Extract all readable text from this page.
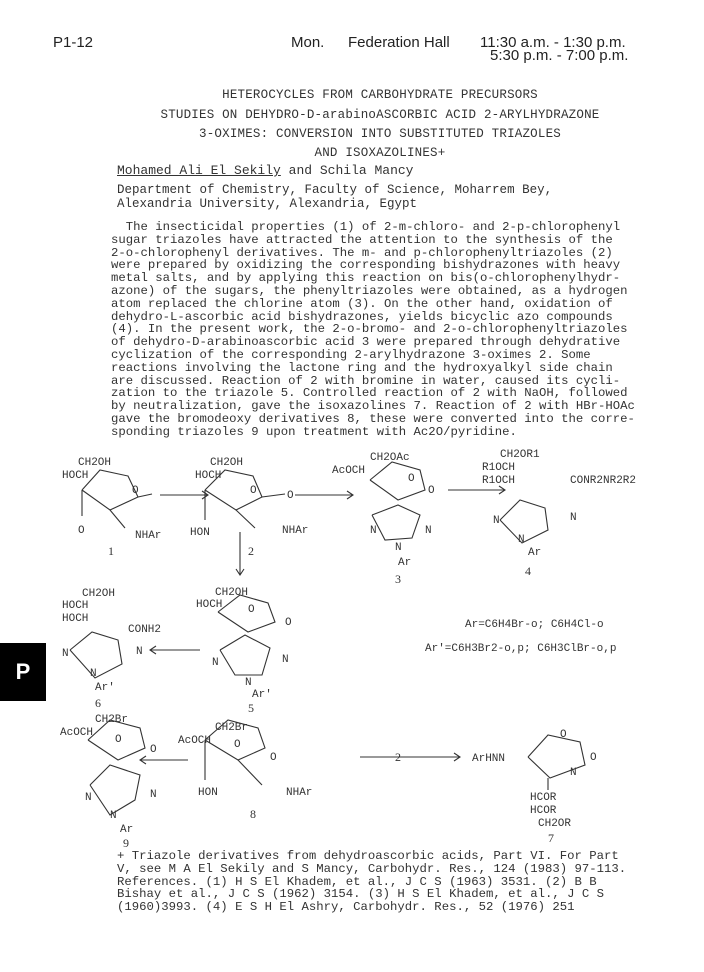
P1-12	Mon. Federation Hall 11:30 a.m. - 1:30 p.m.
5:30 p.m. - 7:00 p.m.
HETEROCYCLES FROM CARBOHYDRATE PRECURSORS
STUDIES ON DEHYDRO-D-arabinoASCORBIC ACID 2-ARYLHYDRAZONE
3-OXIMES: CONVERSION INTO SUBSTITUTED TRIAZOLES
AND ISOXAZOLINES+
Mohamed Ali El Sekily and Schila Mancy
Department of Chemistry, Faculty of Science, Moharrem Bey,
Alexandria University, Alexandria, Egypt
The insecticidal properties (1) of 2-m-chloro- and 2-p-chlorophenyl
sugar triazoles have attracted the attention to the synthesis of the
2-o-chlorophenyl derivatives. The m- and p-chlorophenyltriazoles (2)
were prepared by oxidizing the corresponding bishydrazones with heavy
metal salts, and by applying this reaction on bis(o-chlorophenylhydr-
azone) of the sugars, the phenyltriazoles were obtained, as a hydrogen
atom replaced the chlorine atom (3). On the other hand, oxidation of
dehydro-L-ascorbic acid bishydrazones, yields bicyclic azo compounds
(4). In the present work, the 2-o-bromo- and 2-o-chlorophenyltriazoles
of dehydro-D-arabinoascorbic acid 3 were prepared through dehydrative
cyclization of the corresponding 2-arylhydrazone 3-oximes 2. Some
reactions involving the lactone ring and the hydroxyalkyl side chain
are discussed. Reaction of 2 with bromine in water, caused its cycli-
zation to the triazole 5. Controlled reaction of 2 with NaOH, followed
by neutralization, gave the isoxazolines 7. Reaction of 2 with HBr-HOAc
gave the bromodeoxy derivatives 8, these were converted into the corre-
sponding triazoles 9 upon treatment with Ac2O/pyridine.
CH2OH
HOCH
O
O	NHAr
1
CH2OH
HOCH
O	O
HON	NHAr
2
CH2OAc
AcOCH
O
O
N	N
N
Ar
3
CH2OR1
R1OCH
R1OCH	CONR2NR2R2
N	N
N
Ar
4
CH2OH
HOCH O
O
N	N
N
Ar'
5
CH2OH
HOCH
HOCH
CONH2
N	N
N
Ar'
6
Ar=C6H4Br-o; C6H4Cl-o
Ar'=C6H3Br2-o,p; C6H3ClBr-o,p
CH2Br
AcOCH
O
O
N	N
N
Ar
9
CH2Br
AcOCH O
O
HON	NHAr
8
2	ArHNN
O
O
N
HCOR
HCOR
CH2OR
7
P
+ Triazole derivatives from dehydroascorbic acids, Part VI. For Part
V, see M A El Sekily and S Mancy, Carbohydr. Res., 124 (1983) 97-113.
References. (1) H S El Khadem, et al., J C S (1963) 3531. (2) B B
Bishay et al., J C S (1962) 3154. (3) H S El Khadem, et al., J C S
(1960)3993. (4) E S H El Ashry, Carbohydr. Res., 52 (1976) 251
